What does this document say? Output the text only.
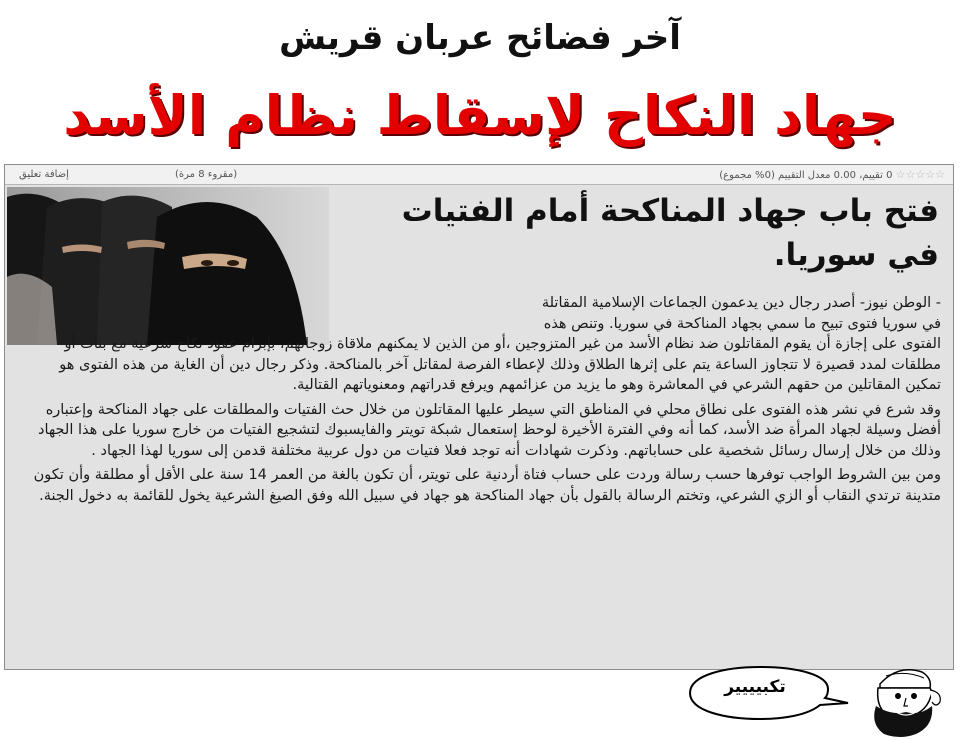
آخر فضائح عربان قريش
جهاد النكاح لإسقاط نظام الأسد
☆☆☆☆☆ 0 تقييم، 0.00 معدل التقييم (0% مجموع)
(مقروء 8 مرة)
إضافة تعليق
فتح باب جهاد المناكحة أمام الفتيات
في سوريا.

- الوطن نيوز- أصدر رجال دين يدعمون الجماعات الإسلامية المقاتلة
في سوريا فتوى تبيح ما سمي بجهاد المناكحة في سوريا. وتنص هذه

الفتوى على إجازة أن يقوم المقاتلون ضد نظام الأسد من غير المتزوجين ،أو من الذين لا يمكنهم ملاقاة زوجاتهم، بإبرام عقود نكاح شرعية مع بنات أو مطلقات لمدد قصيرة لا تتجاوز الساعة يتم على إثرها الطلاق وذلك لإعطاء الفرصة لمقاتل آخر بالمناكحة. وذكر رجال دين أن الغاية من هذه الفتوى هو تمكين المقاتلين من حقهم الشرعي في المعاشرة وهو ما يزيد من عزائمهم ويرفع قدراتهم ومعنوياتهم القتالية.

وقد شرع في نشر هذه الفتوى على نطاق محلي في المناطق التي سيطر عليها المقاتلون من خلال حث الفتيات والمطلقات على جهاد المناكحة وإعتباره أفضل وسيلة لجهاد المرأة ضد الأسد، كما أنه وفي الفترة الأخيرة لوحظ إستعمال شبكة تويتر والفايسبوك لتشجيع الفتيات من خارج سوريا على هذا الجهاد وذلك من خلال إرسال رسائل شخصية على حساباتهم. وذكرت شهادات أنه توجد فعلا فتيات من دول عربية مختلفة قدمن إلى سوريا لهذا الجهاد .

ومن بين الشروط الواجب توفرها حسب رسالة وردت على حساب فتاة أردنية على تويتر، أن تكون بالغة من العمر 14 سنة على الأقل أو مطلقة وأن تكون متدينة ترتدي النقاب أو الزي الشرعي، وتختم الرسالة بالقول بأن جهاد المناكحة هو جهاد في سبيل الله وفق الصيغ الشرعية يخول للقائمة به دخول الجنة.

تكبيييير
